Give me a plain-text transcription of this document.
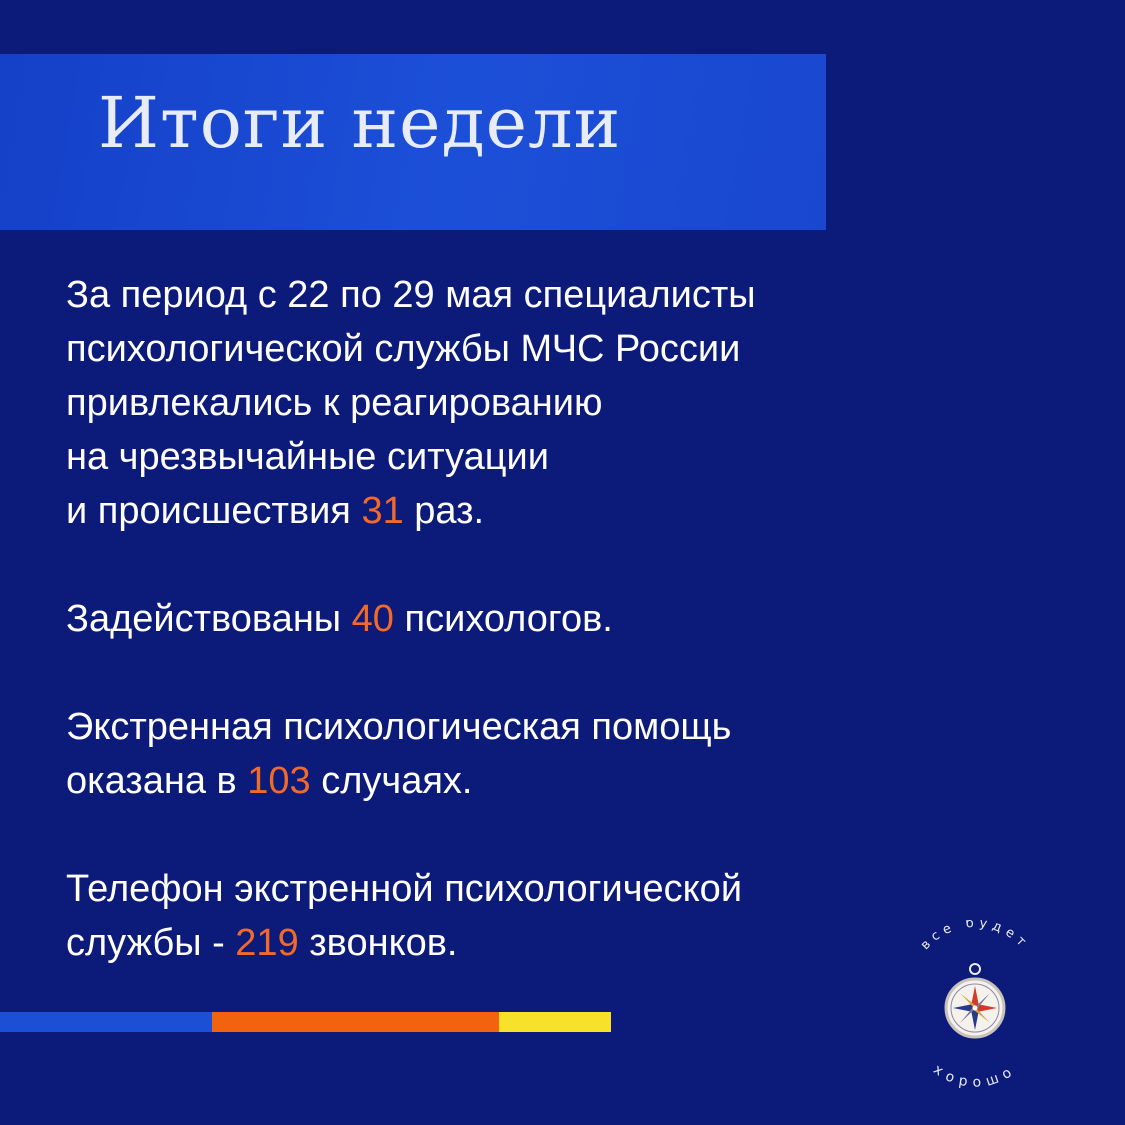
Итоги недели

За период с 22 по 29 мая специалисты
психологической службы МЧС России
привлекались к реагированию
на чрезвычайные ситуации
и происшествия 31 раз.

Задействованы 40 психологов.

Экстренная психологическая помощь
оказана в 103 случаях.

Телефон экстренной психологической
службы - 219 звонков.	все будет
хорошо
